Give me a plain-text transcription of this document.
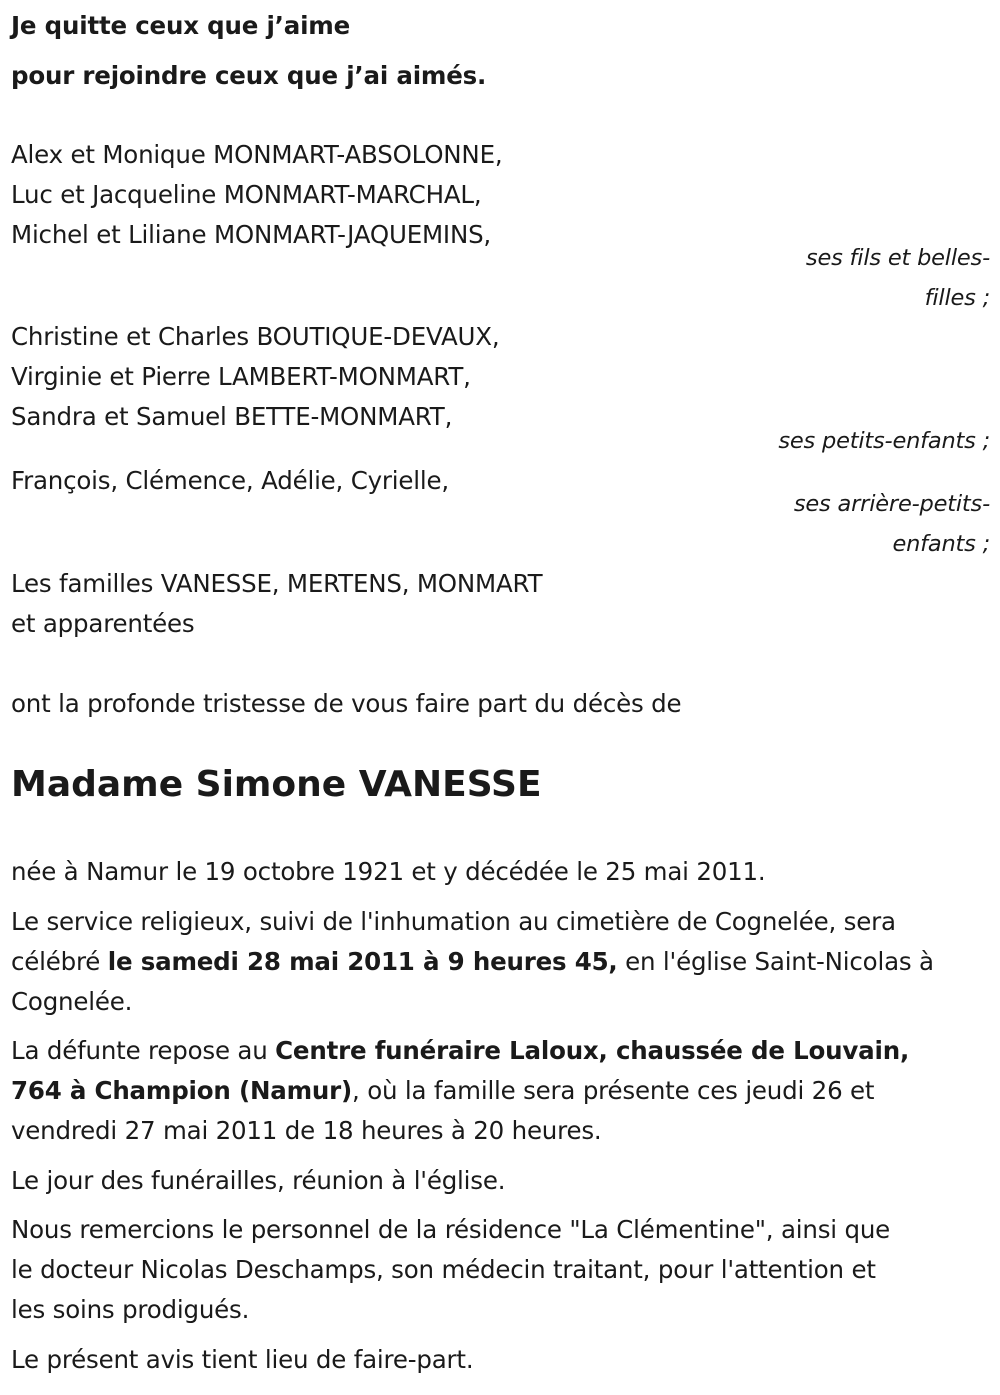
Je quitte ceux que j’aime
pour rejoindre ceux que j’ai aimés.
Alex et Monique MONMART-ABSOLONNE,
Luc et Jacqueline MONMART-MARCHAL,
Michel et Liliane MONMART-JAQUEMINS,
ses fils et belles-
filles ;
Christine et Charles BOUTIQUE-DEVAUX,
Virginie et Pierre LAMBERT-MONMART,
Sandra et Samuel BETTE-MONMART,
ses petits-enfants ;
François, Clémence, Adélie, Cyrielle,
ses arrière-petits-
enfants ;
Les familles VANESSE, MERTENS, MONMART
et apparentées
ont la profonde tristesse de vous faire part du décès de
Madame Simone VANESSE
née à Namur le 19 octobre 1921 et y décédée le 25 mai 2011.
Le service religieux, suivi de l'inhumation au cimetière de Cognelée, sera
célébré le samedi 28 mai 2011 à 9 heures 45, en l'église Saint-Nicolas à
Cognelée.
La défunte repose au Centre funéraire Laloux, chaussée de Louvain,
764 à Champion (Namur), où la famille sera présente ces jeudi 26 et
vendredi 27 mai 2011 de 18 heures à 20 heures.
Le jour des funérailles, réunion à l'église.
Nous remercions le personnel de la résidence "La Clémentine", ainsi que
le docteur Nicolas Deschamps, son médecin traitant, pour l'attention et
les soins prodigués.
Le présent avis tient lieu de faire-part.
